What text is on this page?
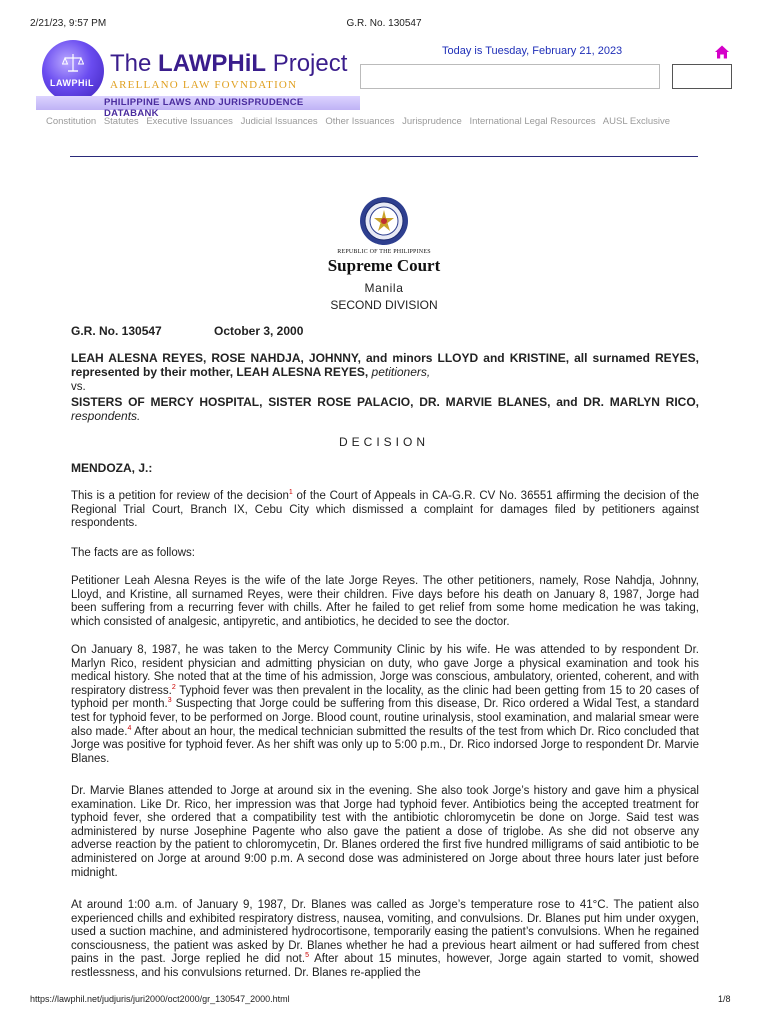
2/21/23, 9:57 PM	G.R. No. 130547
LAWPHiL
The LAWPHiL Project
ARELLANO LAW FOVNDATION
PHILIPPINE LAWS AND JURISPRUDENCE DATABANK
Today is Tuesday, February 21, 2023
Constitution Statutes Executive Issuances Judicial Issuances Other Issuances Jurisprudence International Legal Resources AUSL Exclusive
REPUBLIC OF THE PHILIPPINES
Supreme Court
Manila
SECOND DIVISION
G.R. No. 130547	October 3, 2000
LEAH ALESNA REYES, ROSE NAHDJA, JOHNNY, and minors LLOYD and KRISTINE, all surnamed REYES, represented by their mother, LEAH ALESNA REYES, petitioners,
vs.
SISTERS OF MERCY HOSPITAL, SISTER ROSE PALACIO, DR. MARVIE BLANES, and DR. MARLYN RICO, respondents.
DECISION
MENDOZA, J.:
This is a petition for review of the decision$^1$ of the Court of Appeals in CA-G.R. CV No. 36551 affirming the decision of the Regional Trial Court, Branch IX, Cebu City which dismissed a complaint for damages filed by petitioners against respondents.
The facts are as follows:
Petitioner Leah Alesna Reyes is the wife of the late Jorge Reyes. The other petitioners, namely, Rose Nahdja, Johnny, Lloyd, and Kristine, all surnamed Reyes, were their children. Five days before his death on January 8, 1987, Jorge had been suffering from a recurring fever with chills. After he failed to get relief from some home medication he was taking, which consisted of analgesic, antipyretic, and antibiotics, he decided to see the doctor.
On January 8, 1987, he was taken to the Mercy Community Clinic by his wife. He was attended to by respondent Dr. Marlyn Rico, resident physician and admitting physician on duty, who gave Jorge a physical examination and took his medical history. She noted that at the time of his admission, Jorge was conscious, ambulatory, oriented, coherent, and with respiratory distress.$^2$ Typhoid fever was then prevalent in the locality, as the clinic had been getting from 15 to 20 cases of typhoid per month.$^3$ Suspecting that Jorge could be suffering from this disease, Dr. Rico ordered a Widal Test, a standard test for typhoid fever, to be performed on Jorge. Blood count, routine urinalysis, stool examination, and malarial smear were also made.$^4$ After about an hour, the medical technician submitted the results of the test from which Dr. Rico concluded that Jorge was positive for typhoid fever. As her shift was only up to 5:00 p.m., Dr. Rico indorsed Jorge to respondent Dr. Marvie Blanes.
Dr. Marvie Blanes attended to Jorge at around six in the evening. She also took Jorge’s history and gave him a physical examination. Like Dr. Rico, her impression was that Jorge had typhoid fever. Antibiotics being the accepted treatment for typhoid fever, she ordered that a compatibility test with the antibiotic chloromycetin be done on Jorge. Said test was administered by nurse Josephine Pagente who also gave the patient a dose of triglobe. As she did not observe any adverse reaction by the patient to chloromycetin, Dr. Blanes ordered the first five hundred milligrams of said antibiotic to be administered on Jorge at around 9:00 p.m. A second dose was administered on Jorge about three hours later just before midnight.
At around 1:00 a.m. of January 9, 1987, Dr. Blanes was called as Jorge’s temperature rose to 41°C. The patient also experienced chills and exhibited respiratory distress, nausea, vomiting, and convulsions. Dr. Blanes put him under oxygen, used a suction machine, and administered hydrocortisone, temporarily easing the patient’s convulsions. When he regained consciousness, the patient was asked by Dr. Blanes whether he had a previous heart ailment or had suffered from chest pains in the past. Jorge replied he did not.$^5$ After about 15 minutes, however, Jorge again started to vomit, showed restlessness, and his convulsions returned. Dr. Blanes re-applied the
https://lawphil.net/judjuris/juri2000/oct2000/gr_130547_2000.html	1/8
